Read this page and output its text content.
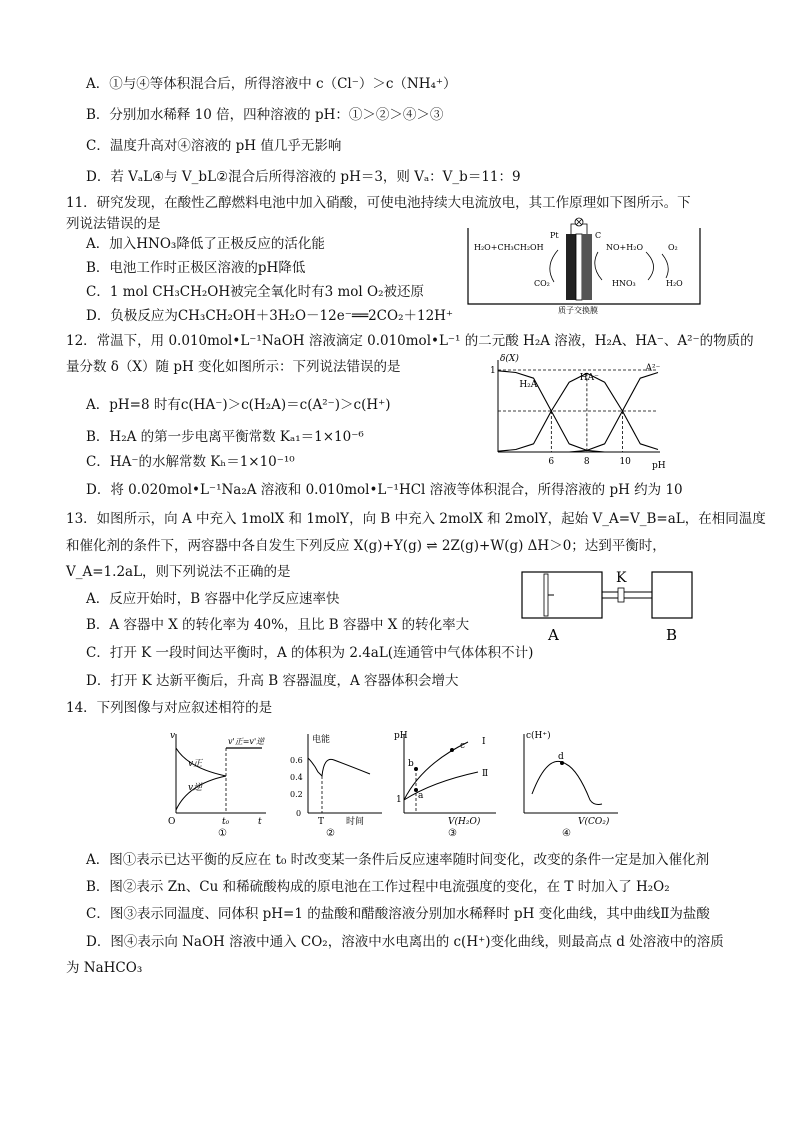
A．①与④等体积混合后，所得溶液中 c（Cl⁻）＞c（NH₄⁺）
B．分别加水稀释 10 倍，四种溶液的 pH：①＞②＞④＞③
C．温度升高对④溶液的 pH 值几乎无影响
D．若 VₐL④与 V_bL②混合后所得溶液的 pH＝3，则 Vₐ：V_b＝11：9
11．研究发现，在酸性乙醇燃料电池中加入硝酸，可使电池持续大电流放电，其工作原理如下图所示。下
列说法错误的是
A．加入HNO₃降低了正极反应的活化能
B．电池工作时正极区溶液的pH降低
C．1 mol CH₃CH₂OH被完全氧化时有3 mol O₂被还原
D．负极反应为CH₃CH₂OH＋3H₂O－12e⁻══2CO₂＋12H⁺
Pt	C
H₂O+CH₃CH₂OH
CO₂
NO+H₂O	O₂
HNO₃	H₂O
质子交换膜
12．常温下，用 0.010mol•L⁻¹NaOH 溶液滴定 0.010mol•L⁻¹ 的二元酸 H₂A 溶液，H₂A、HA⁻、A²⁻的物质的
量分数 δ（X）随 pH 变化如图所示：下列说法错误的是
A．pH=8 时有c(HA⁻)＞c(H₂A)＝c(A²⁻)＞c(H⁺)
B．H₂A 的第一步电离平衡常数 Kₐ₁＝1×10⁻⁶
C．HA⁻的水解常数 Kₕ＝1×10⁻¹⁰
D．将 0.020mol•L⁻¹Na₂A 溶液和 0.010mol•L⁻¹HCl 溶液等体积混合，所得溶液的 pH 约为 10
δ(X)
pH
1
6	8	10
H₂A
HA⁻
A²⁻
13．如图所示，向 A 中充入 1molX 和 1molY，向 B 中充入 2molX 和 2molY，起始 V_A=V_B=aL，在相同温度
和催化剂的条件下，两容器中各自发生下列反应 X(g)+Y(g) ⇌ 2Z(g)+W(g) ΔH＞0；达到平衡时，
V_A=1.2aL，则下列说法不正确的是
A．反应开始时，B 容器中化学反应速率快
B．A 容器中 X 的转化率为 40%，且比 B 容器中 X 的转化率大
C．打开 K 一段时间达平衡时，A 的体积为 2.4aL(连通管中气体体积不计)
D．打开 K 达新平衡后，升高 B 容器温度，A 容器体积会增大
K
A	B
14．下列图像与对应叙述相符的是
v
v正
v逆
v'正=v'逆
t₀	t
O
①
电能
0.6
0.4
0.2
0
T 时间
②
pH
1
b
c
a
Ⅰ
Ⅱ
V(H₂O)
③
c(H⁺)
d
V(CO₂)
④
A．图①表示已达平衡的反应在 t₀ 时改变某一条件后反应速率随时间变化，改变的条件一定是加入催化剂
B．图②表示 Zn、Cu 和稀硫酸构成的原电池在工作过程中电流强度的变化，在 T 时加入了 H₂O₂
C．图③表示同温度、同体积 pH=1 的盐酸和醋酸溶液分别加水稀释时 pH 变化曲线，其中曲线Ⅱ为盐酸
D．图④表示向 NaOH 溶液中通入 CO₂，溶液中水电离出的 c(H⁺)变化曲线，则最高点 d 处溶液中的溶质
为 NaHCO₃
